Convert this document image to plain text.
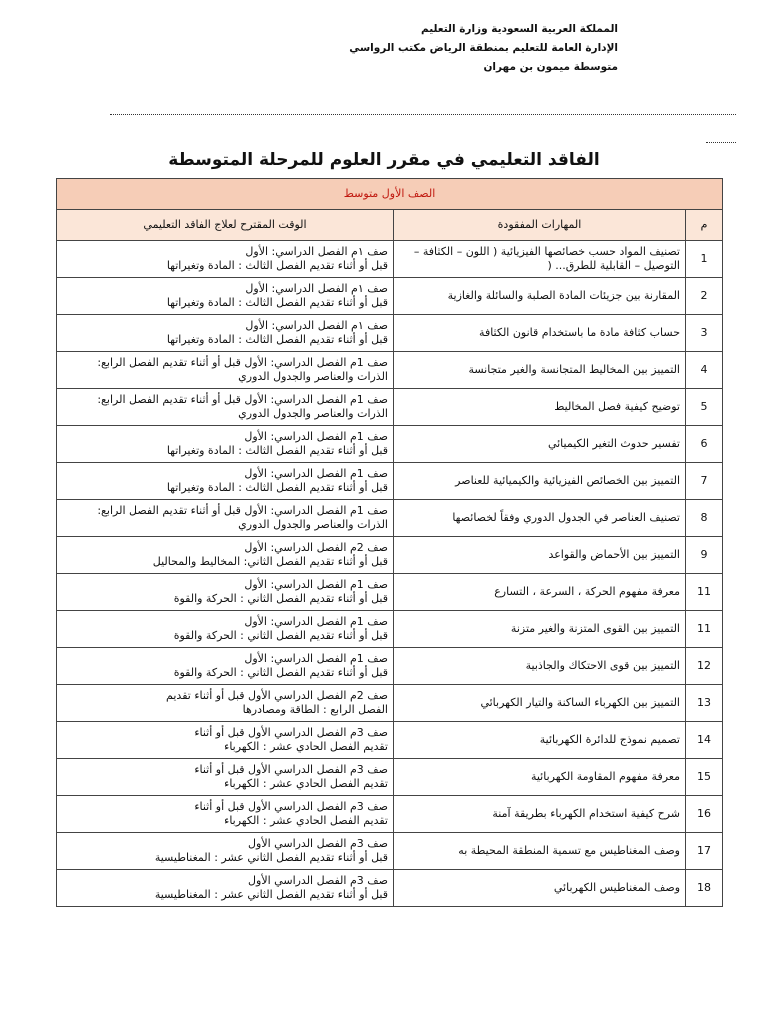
المملكة العربية السعودية وزارة التعليم
الإدارة العامة للتعليم بمنطقة الرياض مكتب الرواسي
متوسطة ميمون بن مهران
الفاقد التعليمي في مقرر العلوم للمرحلة المتوسطة
الصف الأول متوسط		
م	المهارات المفقودة	الوقت المقترح لعلاج الفاقد التعليمي
1	تصنيف المواد حسب خصائصها الفيزيائية ( اللون – الكثافة – التوصيل – القابلية للطرق... (	صف ١م الفصل الدراسي: الأول
قبل أو أثناء تقديم الفصل الثالث : المادة وتغيراتها

2	المقارنة بين جزيئات المادة الصلبة والسائلة والغازية	صف ١م الفصل الدراسي: الأول
قبل أو أثناء تقديم الفصل الثالث : المادة وتغيراتها

3	حساب كثافة مادة ما باستخدام قانون الكثافة	صف ١م الفصل الدراسي: الأول
قبل أو أثناء تقديم الفصل الثالث : المادة وتغيراتها

4	التمييز بين المخاليط المتجانسة والغير متجانسة	صف 1م الفصل الدراسي: الأول قبل أو أثناء تقديم الفصل الرابع:
الذرات والعناصر والجدول الدوري

5	توضيح كيفية فصل المخاليط	صف 1م الفصل الدراسي: الأول قبل أو أثناء تقديم الفصل الرابع:
الذرات والعناصر والجدول الدوري

6	تفسير حدوث التغير الكيميائي	صف 1م الفصل الدراسي: الأول
قبل أو أثناء تقديم الفصل الثالث : المادة وتغيراتها

7	التمييز بين الخصائص الفيزيائية والكيميائية للعناصر	صف 1م الفصل الدراسي: الأول
قبل أو أثناء تقديم الفصل الثالث : المادة وتغيراتها

8	تصنيف العناصر في الجدول الدوري وفقاً لخصائصها	صف 1م الفصل الدراسي: الأول قبل أو أثناء تقديم الفصل الرابع:
الذرات والعناصر والجدول الدوري

9	التمييز بين الأحماض والقواعد	صف 2م الفصل الدراسي: الأول
قبل أو أثناء تقديم الفصل الثاني: المخاليط والمحاليل

11	معرفة مفهوم الحركة ، السرعة ، التسارع	صف 1م الفصل الدراسي: الأول
قبل أو أثناء تقديم الفصل الثاني : الحركة والقوة

11	التمييز بين القوى المتزنة والغير متزنة	صف 1م الفصل الدراسي: الأول
قبل أو أثناء تقديم الفصل الثاني : الحركة والقوة

12	التمييز بين قوى الاحتكاك والجاذبية	صف 1م الفصل الدراسي: الأول
قبل أو أثناء تقديم الفصل الثاني : الحركة والقوة

13	التمييز بين الكهرباء الساكنة والتيار الكهربائي	صف 2م الفصل الدراسي الأول قبل أو أثناء تقديم
الفصل الرابع : الطاقة ومصادرها

14	تصميم نموذج للدائرة الكهربائية	صف 3م الفصل الدراسي الأول قبل أو أثناء
تقديم الفصل الحادي عشر : الكهرباء

15	معرفة مفهوم المقاومة الكهربائية	صف 3م الفصل الدراسي الأول قبل أو أثناء
تقديم الفصل الحادي عشر : الكهرباء

16	شرح كيفية استخدام الكهرباء بطريقة آمنة	صف 3م الفصل الدراسي الأول قبل أو أثناء
تقديم الفصل الحادي عشر : الكهرباء

17	وصف المغناطيس مع تسمية المنطقة المحيطة به	صف 3م الفصل الدراسي الأول
قبل أو أثناء تقديم الفصل الثاني عشر : المغناطيسية

18	وصف المغناطيس الكهربائي	صف 3م الفصل الدراسي الأول
قبل أو أثناء تقديم الفصل الثاني عشر : المغناطيسية
